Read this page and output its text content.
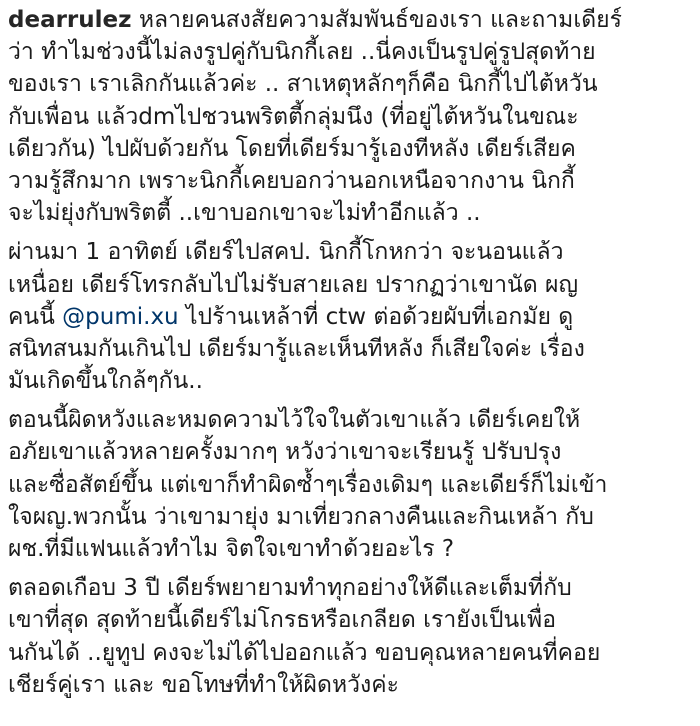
dearrulez หลายคนสงสัยความสัมพันธ์ของเรา และถามเดียร์
ว่า ทำไมช่วงนี้ไม่ลงรูปคู่กับนิกกี้เลย ..นี่คงเป็นรูปคู่รูปสุดท้าย
ของเรา เราเลิกกันแล้วค่ะ .. สาเหตุหลักๆก็คือ นิกกี้ไปไต้หวัน
กับเพื่อน แล้วdmไปชวนพริตตี้กลุ่มนึง (ที่อยู่ไต้หวันในขณะ
เดียวกัน) ไปผับด้วยกัน โดยที่เดียร์มารู้เองทีหลัง เดียร์เสียค
วามรู้สึกมาก เพราะนิกกี้เคยบอกว่านอกเหนือจากงาน นิกกี้
จะไม่ยุ่งกับพริตตี้ ..เขาบอกเขาจะไม่ทำอีกแล้ว ..
ผ่านมา 1 อาทิตย์ เดียร์ไปสคป. นิกกี้โกหกว่า จะนอนแล้ว
เหนื่อย เดียร์โทรกลับไปไม่รับสายเลย ปรากฏว่าเขานัด ผญ
คนนี้ @pumi.xu ไปร้านเหล้าที่ ctw ต่อด้วยผับที่เอกมัย ดู
สนิทสนมกันเกินไป เดียร์มารู้และเห็นทีหลัง ก็เสียใจค่ะ เรื่อง
มันเกิดขึ้นใกล้ๆกัน..
ตอนนี้ผิดหวังและหมดความไว้ใจในตัวเขาแล้ว เดียร์เคยให้
อภัยเขาแล้วหลายครั้งมากๆ หวังว่าเขาจะเรียนรู้ ปรับปรุง
และซื่อสัตย์ขึ้น แต่เขาก็ทำผิดซ้ำๆเรื่องเดิมๆ และเดียร์ก็ไม่เข้า
ใจผญ.พวกนั้น ว่าเขามายุ่ง มาเที่ยวกลางคืนและกินเหล้า กับ
ผช.ที่มีแฟนแล้วทำไม จิตใจเขาทำด้วยอะไร ?
ตลอดเกือบ 3 ปี เดียร์พยายามทำทุกอย่างให้ดีและเต็มที่กับ
เขาที่สุด สุดท้ายนี้เดียร์ไม่โกรธหรือเกลียด เรายังเป็นเพื่อ
นกันได้ ..ยูทูป คงจะไม่ได้ไปออกแล้ว ขอบคุณหลายคนที่คอย
เชียร์คู่เรา และ ขอโทษที่ทำให้ผิดหวังค่ะ
